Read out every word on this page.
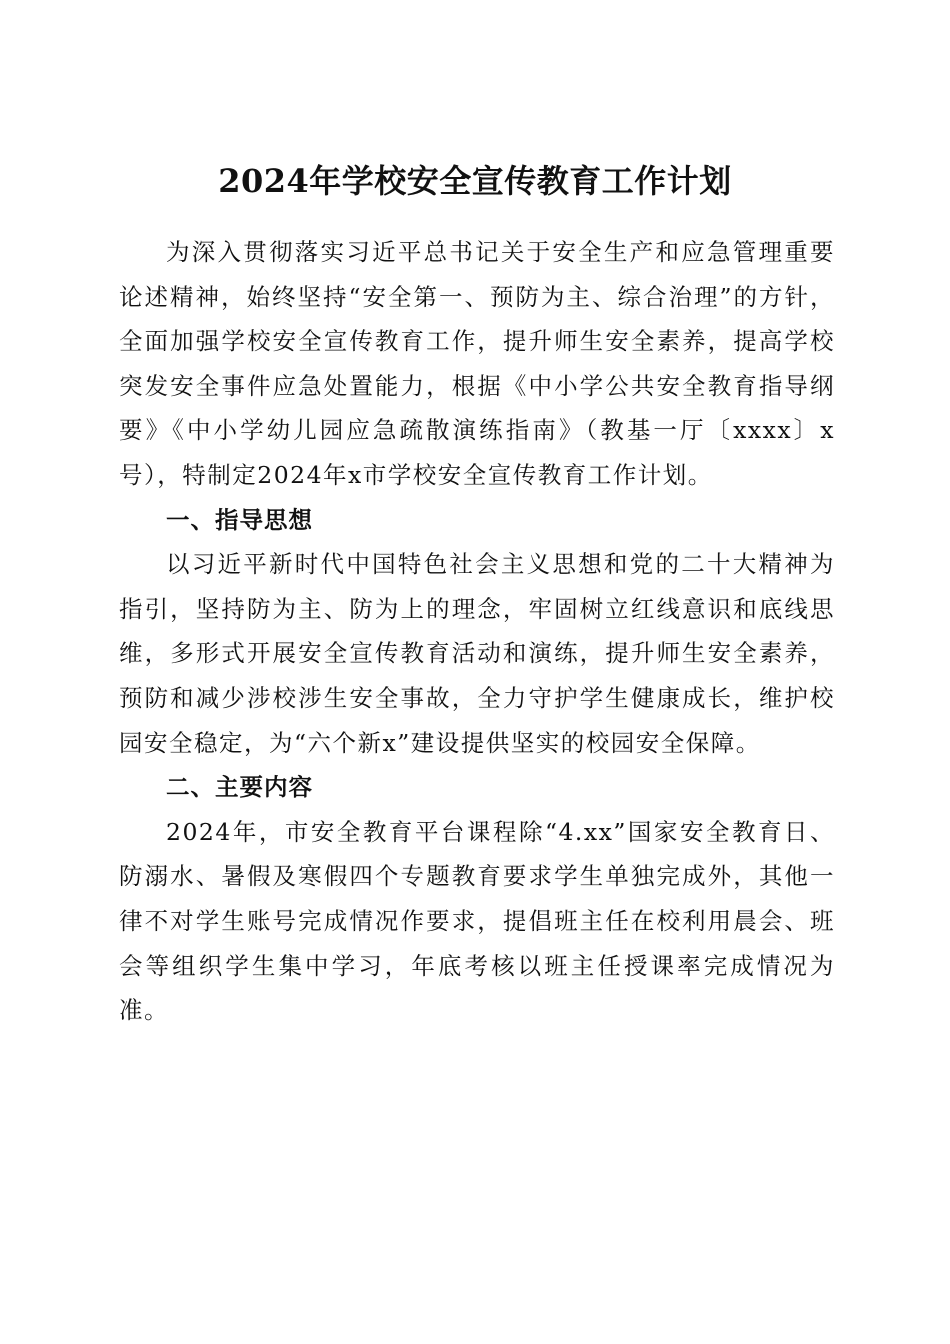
2024年学校安全宣传教育工作计划

为深入贯彻落实习近平总书记关于安全生产和应急管理重要论述精神，始终坚持“安全第一、预防为主、综合治理”的方针，全面加强学校安全宣传教育工作，提升师生安全素养，提高学校突发安全事件应急处置能力，根据《中小学公共安全教育指导纲要》《中小学幼儿园应急疏散演练指南》（教基一厅〔xxxx〕x号），特制定2024年x市学校安全宣传教育工作计划。

一、指导思想

以习近平新时代中国特色社会主义思想和党的二十大精神为指引，坚持防为主、防为上的理念，牢固树立红线意识和底线思维，多形式开展安全宣传教育活动和演练，提升师生安全素养，预防和减少涉校涉生安全事故，全力守护学生健康成长，维护校园安全稳定，为“六个新x”建设提供坚实的校园安全保障。

二、主要内容

2024年，市安全教育平台课程除“4.xx”国家安全教育日、防溺水、暑假及寒假四个专题教育要求学生单独完成外，其他一律不对学生账号完成情况作要求，提倡班主任在校利用晨会、班会等组织学生集中学习，年底考核以班主任授课率完成情况为准。
